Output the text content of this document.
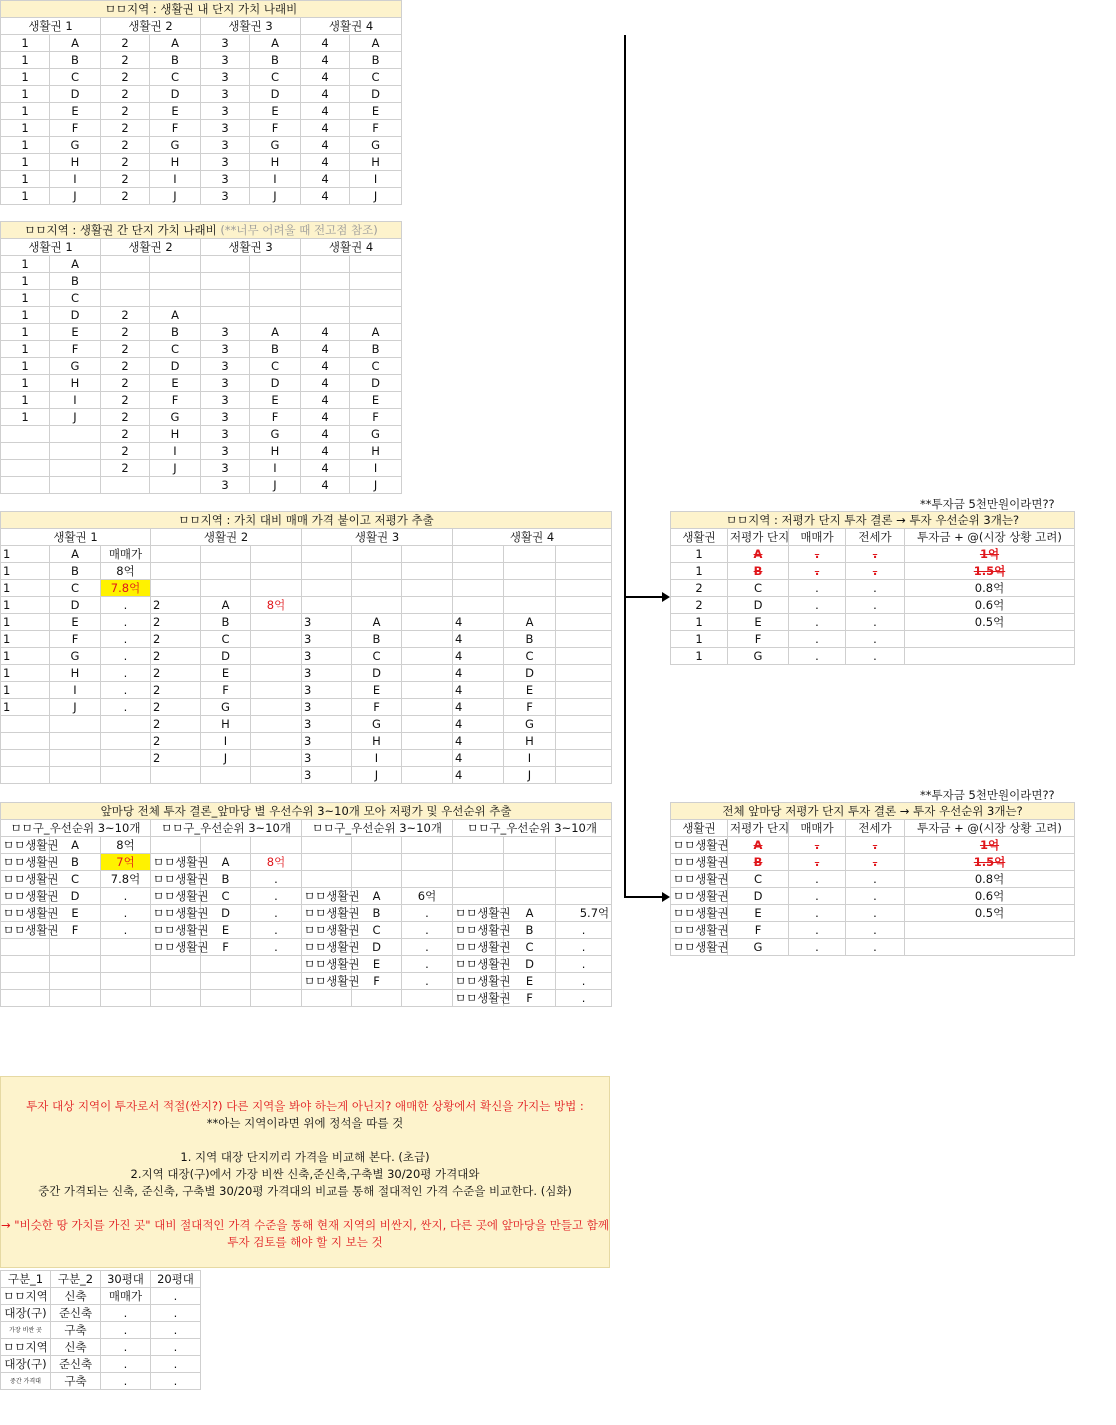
ㅁㅁ지역 : 생활권 내 단지 가치 나래비							
생활권 1		생활권 2		생활권 3		생활권 4	
1	A	2	A	3	A	4	A
1	B	2	B	3	B	4	B
1	C	2	C	3	C	4	C
1	D	2	D	3	D	4	D
1	E	2	E	3	E	4	E
1	F	2	F	3	F	4	F
1	G	2	G	3	G	4	G
1	H	2	H	3	H	4	H
1	I	2	I	3	I	4	I
1	J	2	J	3	J	4	J
ㅁㅁ지역 : 생활권 간 단지 가치 나래비 (**너무 어려울 때 전고점 참조)							
생활권 1		생활권 2		생활권 3		생활권 4	
1	A						
1	B						
1	C						
1	D	2	A				
1	E	2	B	3	A	4	A
1	F	2	C	3	B	4	B
1	G	2	D	3	C	4	C
1	H	2	E	3	D	4	D
1	I	2	F	3	E	4	E
1	J	2	G	3	F	4	F
		2	H	3	G	4	G
		2	I	3	H	4	H
		2	J	3	I	4	I
				3	J	4	J
ㅁㅁ지역 : 가치 대비 매매 가격 붙이고 저평가 추출											
생활권 1			생활권 2			생활권 3			생활권 4		
1	A	매매가									
1	B	8억									
1	C	7.8억									
1	D	.	2	A	8억						
1	E	.	2	B		3	A		4	A	
1	F	.	2	C		3	B		4	B	
1	G	.	2	D		3	C		4	C	
1	H	.	2	E		3	D		4	D	
1	I	.	2	F		3	E		4	E	
1	J	.	2	G		3	F		4	F	
			2	H		3	G		4	G	
			2	I		3	H		4	H	
			2	J		3	I		4	I	
						3	J		4	J	
앞마당 전체 투자 결론_앞마당 별 우선수위 3~10개 모아 저평가 및 우선순위 추출											
ㅁㅁ구_우선순위 3~10개			ㅁㅁ구_우선순위 3~10개			ㅁㅁ구_우선순위 3~10개			ㅁㅁ구_우선순위 3~10개		
ㅁㅁ생활권	A	8억									
ㅁㅁ생활권	B	7억	ㅁㅁ생활권	A	8억						
ㅁㅁ생활권	C	7.8억	ㅁㅁ생활권	B	.						
ㅁㅁ생활권	D	.	ㅁㅁ생활권	C	.	ㅁㅁ생활권	A	6억			
ㅁㅁ생활권	E	.	ㅁㅁ생활권	D	.	ㅁㅁ생활권	B	.	ㅁㅁ생활권	A	5.7억
ㅁㅁ생활권	F	.	ㅁㅁ생활권	E	.	ㅁㅁ생활권	C	.	ㅁㅁ생활권	B	.
			ㅁㅁ생활권	F	.	ㅁㅁ생활권	D	.	ㅁㅁ생활권	C	.
						ㅁㅁ생활권	E	.	ㅁㅁ생활권	D	.
						ㅁㅁ생활권	F	.	ㅁㅁ생활권	E	.
									ㅁㅁ생활권	F	.
**투자금 5천만원이라면??
ㅁㅁ지역 : 저평가 단지 투자 결론 → 투자 우선순위 3개는?				
생활권	저평가 단지	매매가	전세가	투자금 + @(시장 상황 고려)
1	A	.	.	1억
1	B	.	.	1.5억
2	C	.	.	0.8억
2	D	.	.	0.6억
1	E	.	.	0.5억
1	F	.	.	
1	G	.	.	
**투자금 5천만원이라면??
전체 앞마당 저평가 단지 투자 결론 → 투자 우선순위 3개는?				
생활권	저평가 단지	매매가	전세가	투자금 + @(시장 상황 고려)
ㅁㅁ생활권	A	.	.	1억
ㅁㅁ생활권	B	.	.	1.5억
ㅁㅁ생활권	C	.	.	0.8억
ㅁㅁ생활권	D	.	.	0.6억
ㅁㅁ생활권	E	.	.	0.5억
ㅁㅁ생활권	F	.	.	
ㅁㅁ생활권	G	.	.	

투자 대상 지역이 투자로서 적절(싼지?) 다른 지역을 봐야 하는게 아닌지? 애매한 상황에서 확신을 가지는 방법 :

**아는 지역이라면 위에 정석을 따를 것

1. 지역 대장 단지끼리 가격을 비교해 본다. (초급)

2.지역 대장(구)에서 가장 비싼 신축,준신축,구축별 30/20평 가격대와

중간 가격되는 신축, 준신축, 구축별 30/20평 가격대의 비교를 통해 절대적인 가격 수준을 비교한다. (심화)

→ "비슷한 땅 가치를 가진 곳" 대비 절대적인 가격 수준을 통해 현재 지역의 비싼지, 싼지, 다른 곳에 앞마당을 만들고 함께

투자 검토를 해야 할 지 보는 것

구분_1	구분_2	30평대	20평대
ㅁㅁ지역	신축	매매가	.
대장(구)	준신축	.	.
가장 비싼 곳	구축	.	.
ㅁㅁ지역	신축	.	.
대장(구)	준신축	.	.
중간 가격대	구축	.	.
